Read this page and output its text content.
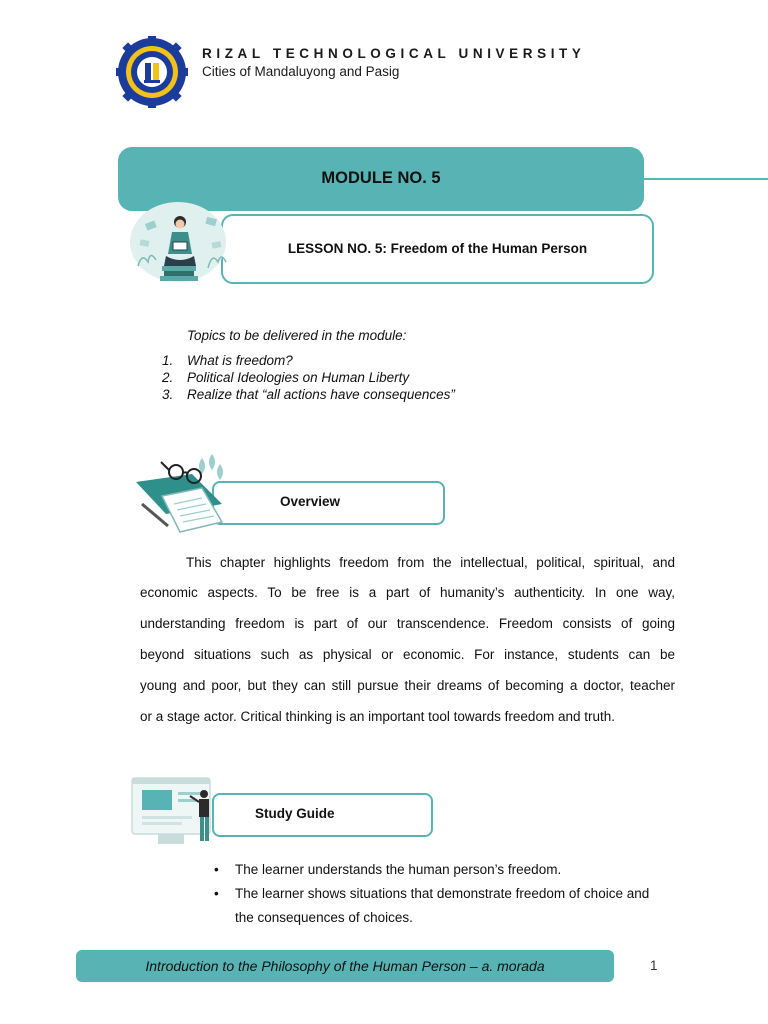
RIZAL TECHNOLOGICAL UNIVERSITY
Cities of Mandaluyong and Pasig
MODULE NO. 5
LESSON NO. 5: Freedom of the Human Person
Topics to be delivered in the module:
1. What is freedom?
2. Political Ideologies on Human Liberty
3. Realize that “all actions have consequences”
Overview
This chapter highlights freedom from the intellectual, political, spiritual, and
economic aspects. To be free is a part of humanity’s authenticity. In one way,
understanding freedom is part of our transcendence. Freedom consists of going
beyond situations such as physical or economic. For instance, students can be
young and poor, but they can still pursue their dreams of becoming a doctor, teacher
or a stage actor. Critical thinking is an important tool towards freedom and truth.
Study Guide
• The learner understands the human person’s freedom.
• The learner shows situations that demonstrate freedom of choice and
the consequences of choices.
Introduction to the Philosophy of the Human Person – a. morada	1
